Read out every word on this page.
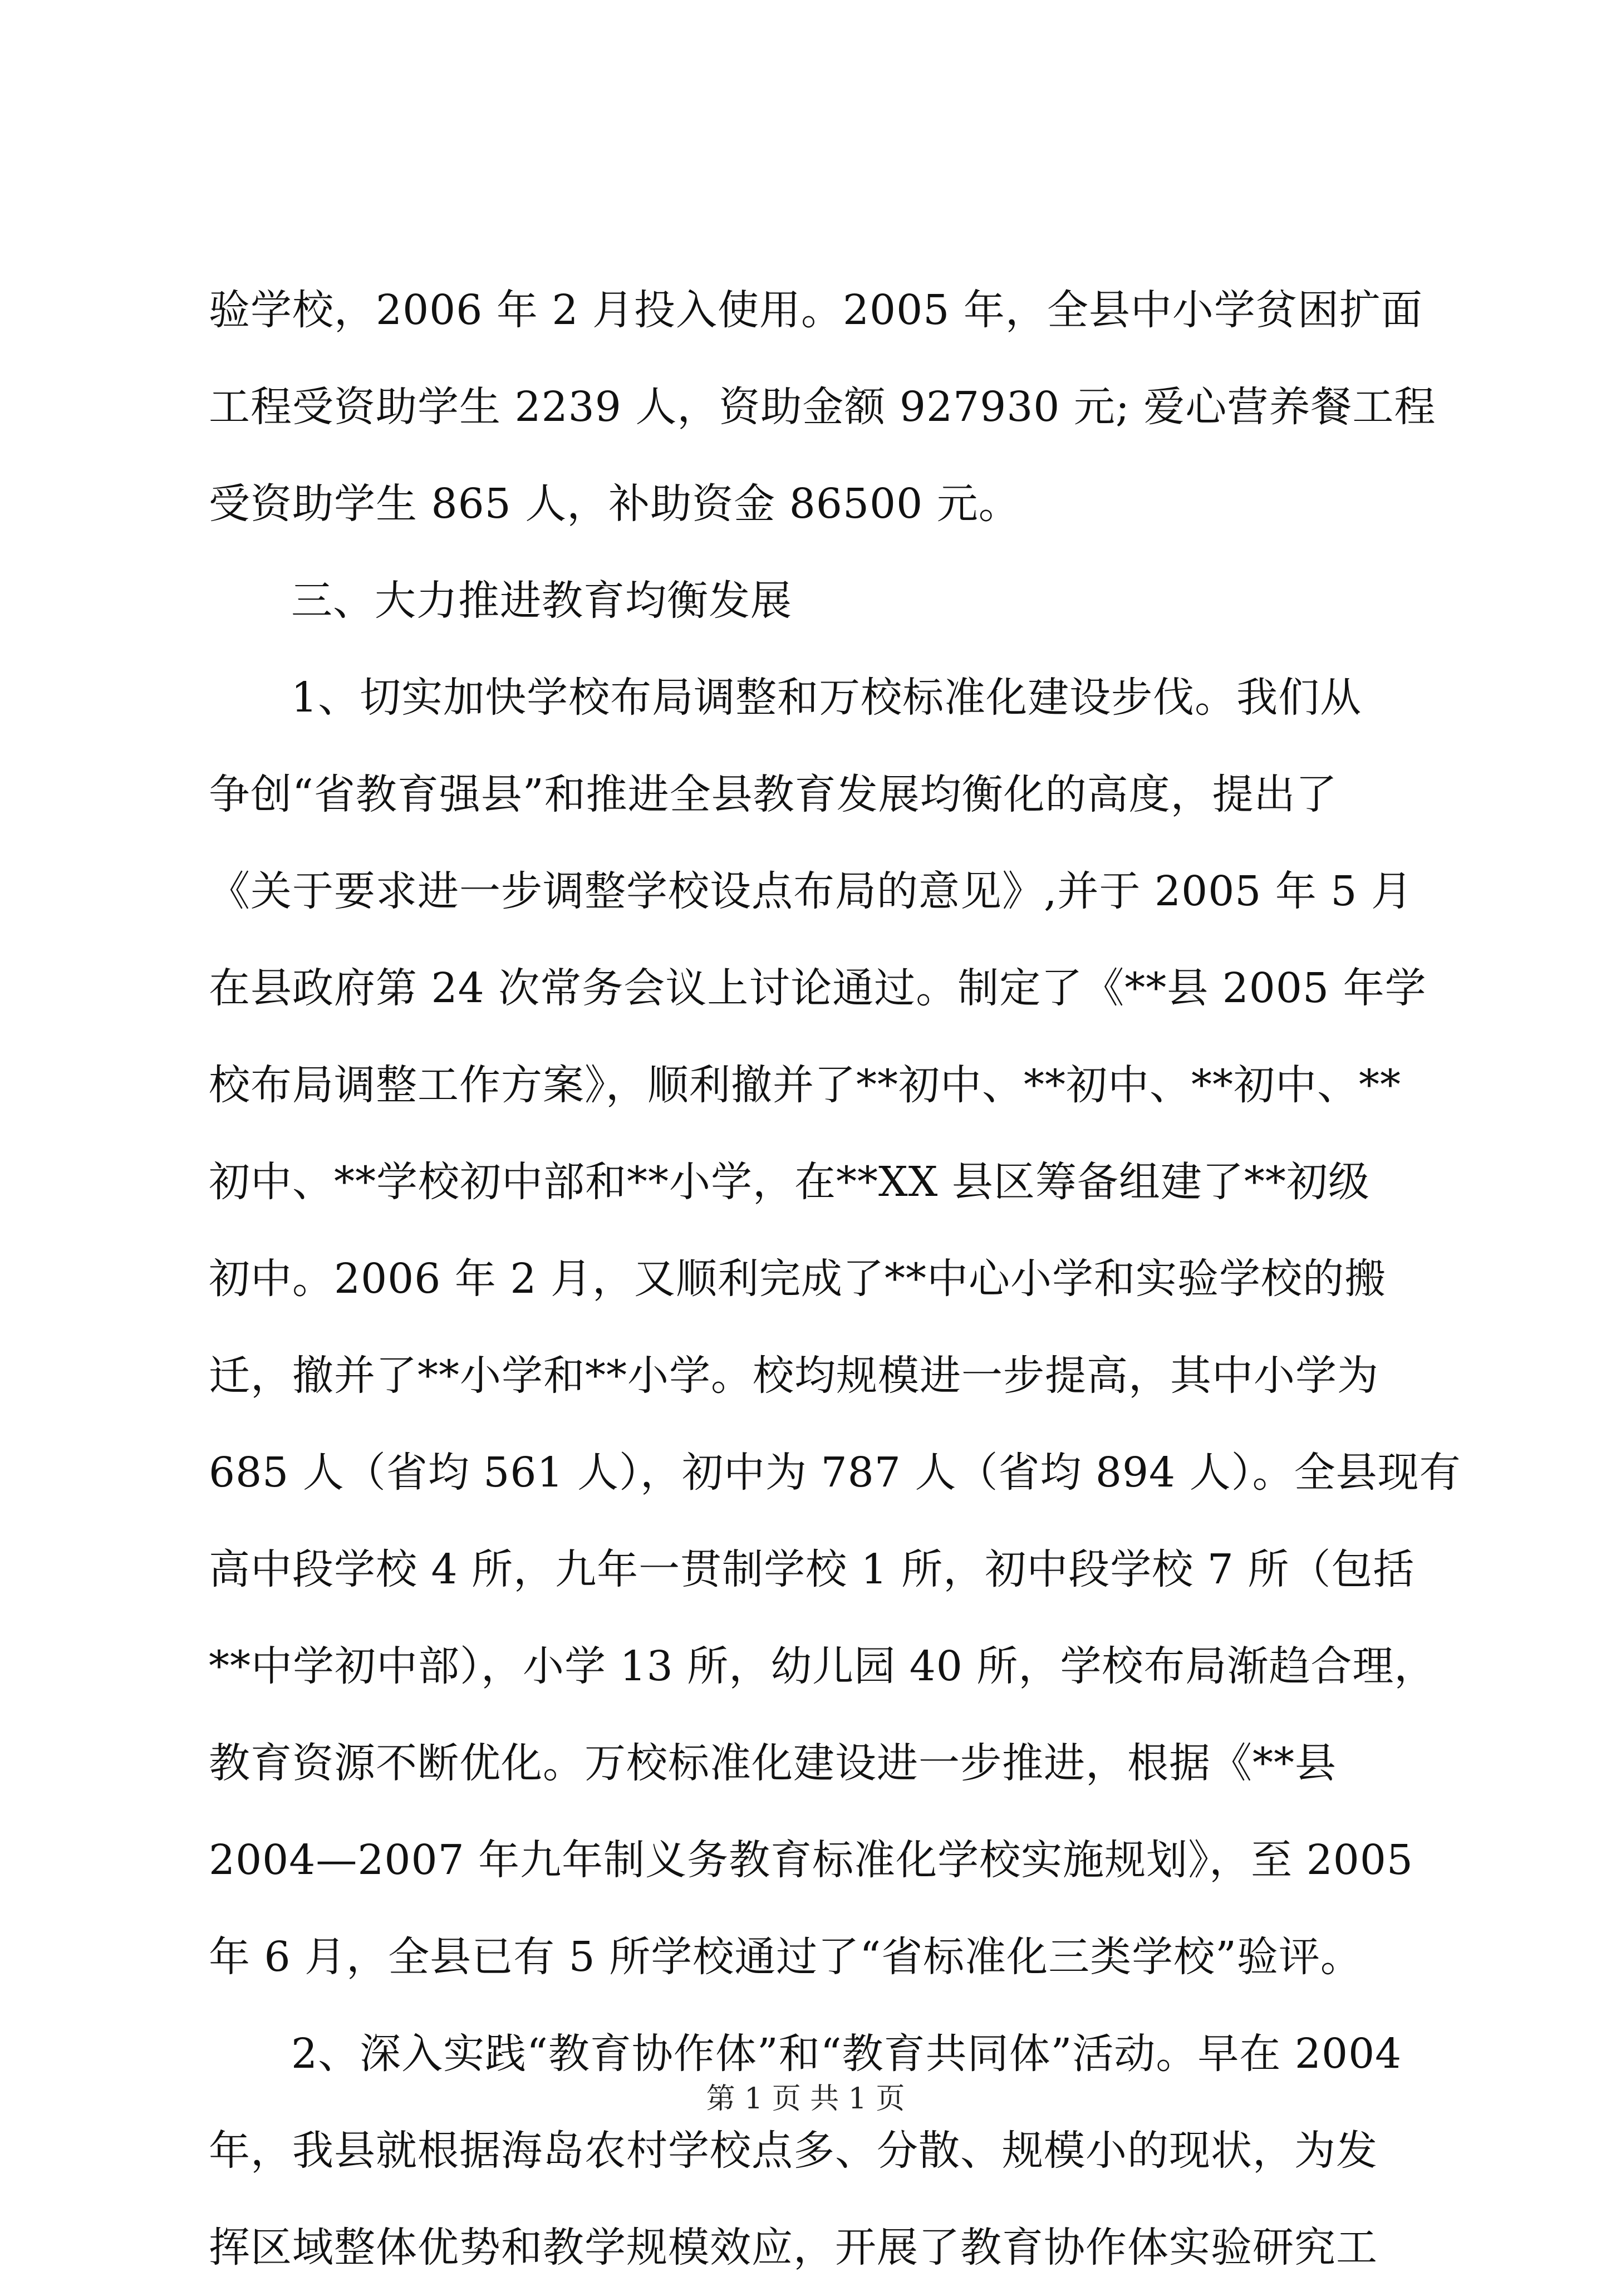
验学校，2006 年 2 月投入使用。2005 年，全县中小学贫困扩面
工程受资助学生 2239 人，资助金额 927930 元; 爱心营养餐工程
受资助学生 865 人，补助资金 86500 元。
三、大力推进教育均衡发展
1、切实加快学校布局调整和万校标准化建设步伐。我们从
争创“省教育强县”和推进全县教育发展均衡化的高度，提出了
《关于要求进一步调整学校设点布局的意见》,并于 2005 年 5 月
在县政府第 24 次常务会议上讨论通过。制定了《**县 2005 年学
校布局调整工作方案》，顺利撤并了**初中、**初中、**初中、**
初中、**学校初中部和**小学，在**XX 县区筹备组建了**初级
初中。2006 年 2 月，又顺利完成了**中心小学和实验学校的搬
迁，撤并了**小学和**小学。校均规模进一步提高，其中小学为
685 人（省均 561 人），初中为 787 人（省均 894 人）。全县现有
高中段学校 4 所，九年一贯制学校 1 所，初中段学校 7 所（包括
**中学初中部），小学 13 所，幼儿园 40 所，学校布局渐趋合理，
教育资源不断优化。万校标准化建设进一步推进，根据《**县
2004—2007 年九年制义务教育标准化学校实施规划》，至 2005
年 6 月，全县已有 5 所学校通过了“省标准化三类学校”验评。
2、深入实践“教育协作体”和“教育共同体”活动。早在 2004
年，我县就根据海岛农村学校点多、分散、规模小的现状，为发
挥区域整体优势和教学规模效应，开展了教育协作体实验研究工
第 1 页 共 1 页
